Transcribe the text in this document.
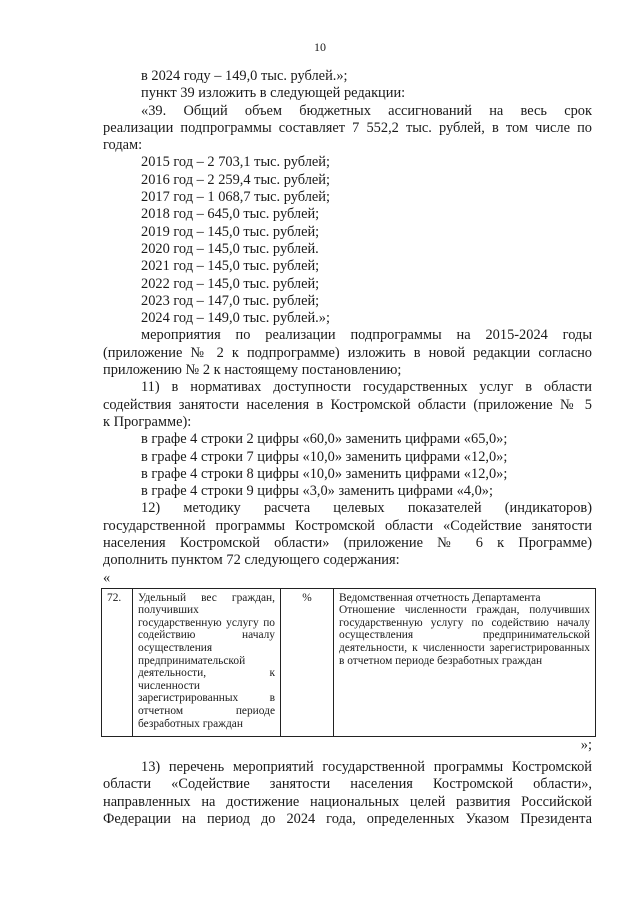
10

в 2024 году – 149,0 тыс. рублей.»;

пункт 39 изложить в следующей редакции:

«39. Общий объем бюджетных ассигнований на весь срок

реализации подпрограммы составляет 7 552,2 тыс. рублей, в том числе по

годам:

2015 год – 2 703,1 тыс. рублей;
2016 год – 2 259,4 тыс. рублей;
2017 год – 1 068,7 тыс. рублей;
2018 год – 645,0 тыс. рублей;
2019 год – 145,0 тыс. рублей;
2020 год – 145,0 тыс. рублей.
2021 год – 145,0 тыс. рублей;
2022 год – 145,0 тыс. рублей;
2023 год – 147,0 тыс. рублей;
2024 год – 149,0 тыс. рублей.»;

мероприятия по реализации подпрограммы на 2015-2024 годы

(приложение № 2 к подпрограмме) изложить в новой редакции согласно

приложению № 2 к настоящему постановлению;

11) в нормативах доступности государственных услуг в области

содействия занятости населения в Костромской области (приложение № 5

к Программе):

в графе 4 строки 2 цифры «60,0» заменить цифрами «65,0»;
в графе 4 строки 7 цифры «10,0» заменить цифрами «12,0»;
в графе 4 строки 8 цифры «10,0» заменить цифрами «12,0»;
в графе 4 строки 9 цифры «3,0» заменить цифрами «4,0»;

12) методику расчета целевых показателей (индикаторов)

государственной программы Костромской области «Содействие занятости

населения Костромской области» (приложение № 6 к Программе)

дополнить пунктом 72 следующего содержания:

«

72.	Удельный вес граждан, получивших государственную услугу по содействию началу осуществления предпринимательской деятельности, к численности зарегистрированных в отчетном периоде безработных граждан	%	Ведомственная отчетность Департамента
Отношение численности граждан, получивших государственную услугу по содействию началу осуществления предпринимательской деятельности, к численности зарегистрированных в отчетном периоде безработных граждан

»;

13) перечень мероприятий государственной программы Костромской

области «Содействие занятости населения Костромской области»,

направленных на достижение национальных целей развития Российской

Федерации на период до 2024 года, определенных Указом Президента
